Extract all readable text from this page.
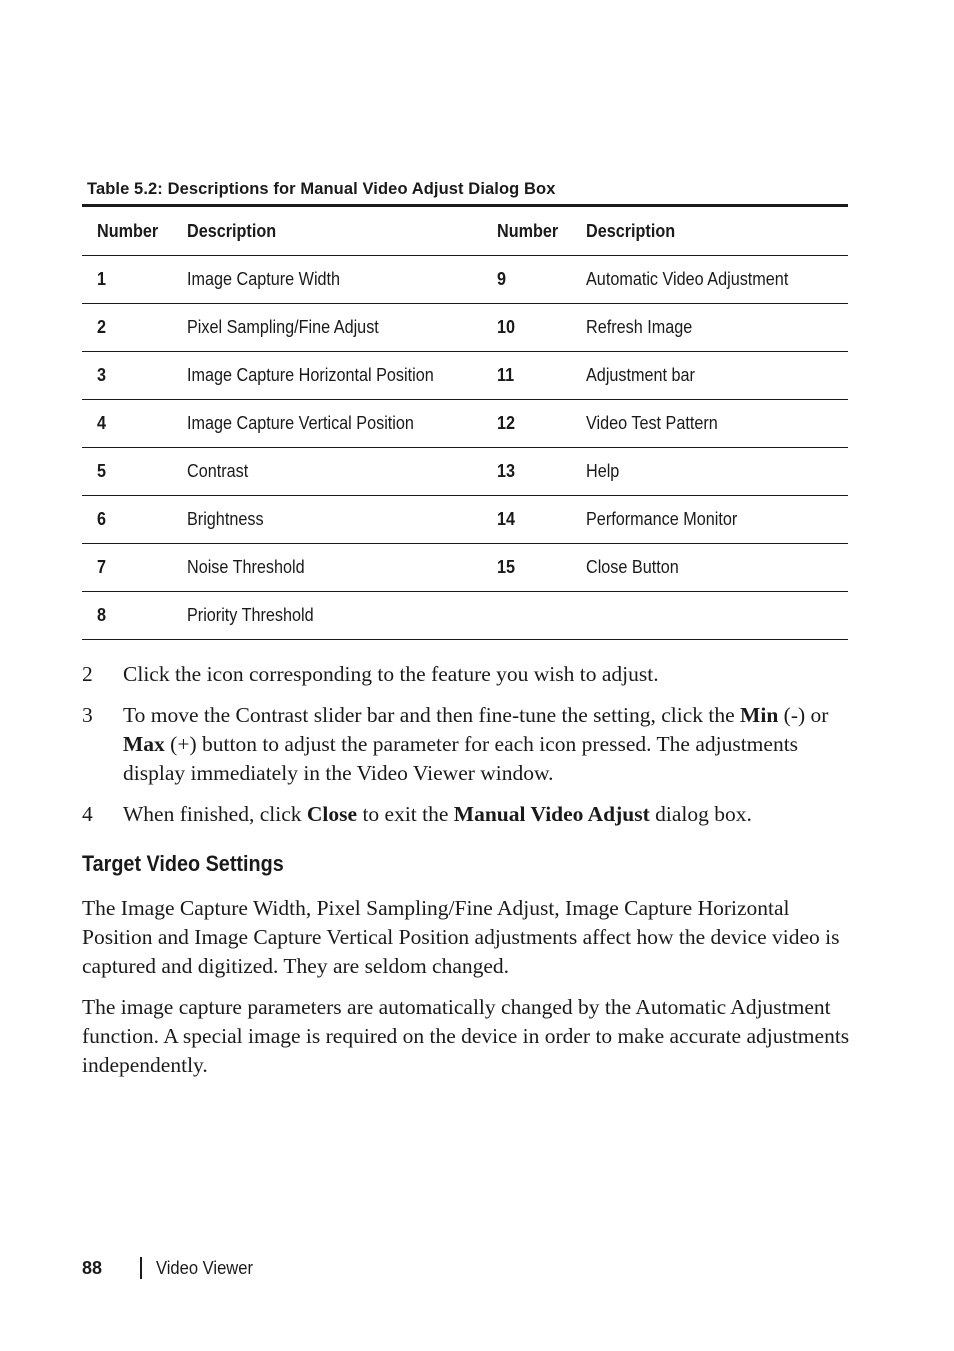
Table 5.2: Descriptions for Manual Video Adjust Dialog Box
Number	Description	Number	Description
1	Image Capture Width	9	Automatic Video Adjustment
2	Pixel Sampling/Fine Adjust	10	Refresh Image
3	Image Capture Horizontal Position	11	Adjustment bar
4	Image Capture Vertical Position	12	Video Test Pattern
5	Contrast	13	Help
6	Brightness	14	Performance Monitor
7	Noise Threshold	15	Close Button
8	Priority Threshold		
2 Click the icon corresponding to the feature you wish to adjust.
3 To move the Contrast slider bar and then fine-tune the setting, click the Min (-) or Max (+) button to adjust the parameter for each icon pressed. The adjustments display immediately in the Video Viewer window.
4 When finished, click Close to exit the Manual Video Adjust dialog box.
Target Video Settings

The Image Capture Width, Pixel Sampling/Fine Adjust, Image Capture Horizontal Position and Image Capture Vertical Position adjustments affect how the device video is captured and digitized. They are seldom changed.

The image capture parameters are automatically changed by the Automatic Adjustment function. A special image is required on the device in order to make accurate adjustments independently.

88	Video Viewer
